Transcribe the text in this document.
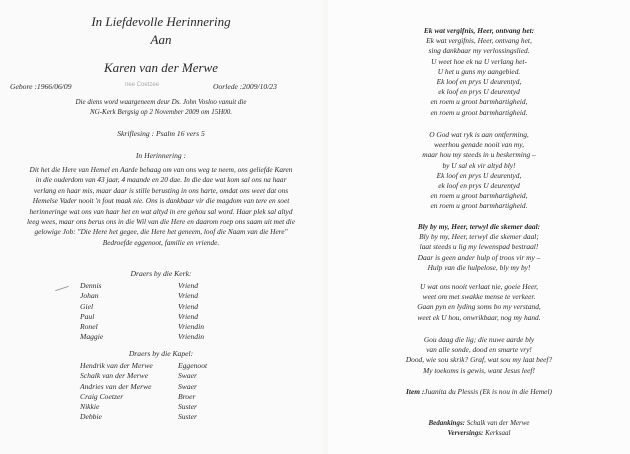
In Liefdevolle Herinnering
Aan
Karen van der Merwe
Gebore :1966/06/09	nee Coetzee	Oorlede :2009/10/23
Die diens word waargeneem deur Ds. John Vosloo vanuit die
NG-Kerk Bergsig op 2 November 2009 om 15H00.
Skriflesing : Psalm 16 vers 5
In Herinnering :
Dit het die Here van Hemel en Aarde behaag om van ons weg te neem, ons geliefde Karen
in die ouderdom van 43 jaar, 4 maande en 20 dae. In die dae wat kom sal ons na haar
verlang en haar mis, maar daar is stille berusting in ons harte, omdat ons weet dat ons
Hemelse Vader nooit 'n fout maak nie. Ons is dankbaar vir die magdom van tere en soet
herinneringe wat ons van haar het en wat altyd in ere gehou sal word. Haar plek sal altyd
leeg wees, maar ons berus ons in die Wil van die Here en daarom roep ons saam uit met die
gelowige Job: "Die Here het gegee, die Here het geneem, loof die Naam van die Here"
Bedroefde eggenoot, familie en vriende.
Draers by die Kerk:
Dennis	Vriend
Johan	Vriend
Giel	Vriend
Paul	Vriend
Ronel	Vriendin
Maggie	Vriendin
Draers by die Kapel:
Hendrik van der Merwe	Eggenoot
Schalk van der Merwe	Swaer
Andries van der Merwe	Swaer
Craig Coetzer	Broer
Nikkie	Suster
Debbie	Suster
Ek wat vergifnis, Heer, ontvang het:
Ek wat vergifnis, Heer, ontvang het,
sing dankbaar my verlossingslied.
U weet hoe ek na U verlang het-
U het u guns my aangebied.
Ek loof en prys U deurentyd,
ek loof en prys U deurentyd
en roem u groot barmhartigheid,
en roem u groot barmhartigheid.
O God wat ryk is aan ontferming,
weerhou genade nooit van my,
maar hou my steeds in u beskerming –
by U sal ek vir altyd bly!
Ek loof en prys U deurentyd,
ek loof en prys U deurentyd
en roem u groot barmhartigheid,
en roem u groot barmhartigheid.
Bly by my, Heer, terwyl die skemer daal:
Bly by my, Heer, terwyl die skemer daal;
laat steeds u lig my lewenspad bestraal!
Daar is geen ander hulp of troos vir my –
Hulp van die hulpelose, bly my by!
U wat ons nooit verlaat nie, goeie Heer,
weet om met swakke mense te verkeer.
Gaan pyn en lyding soms bo my verstand,
weet ek U hou, onwrikbaar, nog my hand.
Gou daag die lig; die nuwe aarde bly
van alle sonde, dood en smarte vry!
Dood, wie sou skrik? Graf, wat sou my laat beef?
My toekoms is gewis, want Jesus leef!
Item :Juanita du Plessis (Ek is nou in die Hemel)
Bedankings: Schalk van der Merwe
Verversings: Kerksaal
